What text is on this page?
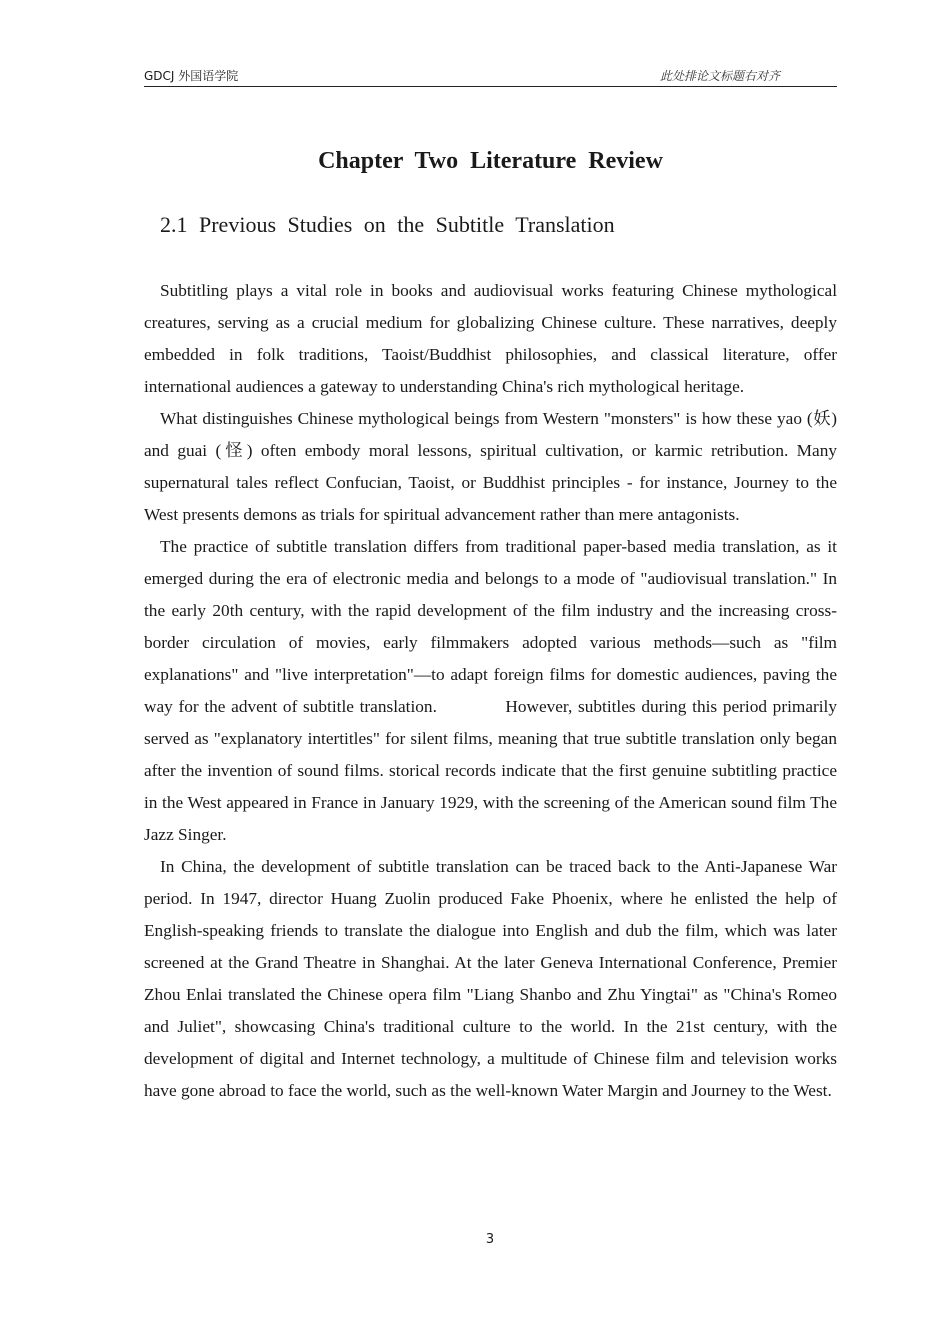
GDCJ 外国语学院	此处排论文标题右对齐
Chapter Two Literature Review
2.1 Previous Studies on the Subtitle Translation

Subtitling plays a vital role in books and audiovisual works featuring Chinese mythological creatures, serving as a crucial medium for globalizing Chinese culture. These narratives, deeply embedded in folk traditions, Taoist/Buddhist philosophies, and classical literature, offer international audiences a gateway to understanding China's rich mythological heritage.

What distinguishes Chinese mythological beings from Western "monsters" is how these yao (妖) and guai (怪) often embody moral lessons, spiritual cultivation, or karmic retribution. Many supernatural tales reflect Confucian, Taoist, or Buddhist principles - for instance, Journey to the West presents demons as trials for spiritual advancement rather than mere antagonists.

The practice of subtitle translation differs from traditional paper-based media translation, as it emerged during the era of electronic media and belongs to a mode of "audiovisual translation." In the early 20th century, with the rapid development of the film industry and the increasing cross-border circulation of movies, early filmmakers adopted various methods—such as "film explanations" and "live interpretation"—to adapt foreign films for domestic audiences, paving the way for the advent of subtitle translation.            However, subtitles during this period primarily served as "explanatory intertitles" for silent films, meaning that true subtitle translation only began after the invention of sound films. storical records indicate that the first genuine subtitling practice in the West appeared in France in January 1929, with the screening of the American sound film The Jazz Singer.

In China, the development of subtitle translation can be traced back to the Anti-Japanese War period. In 1947, director Huang Zuolin produced Fake Phoenix, where he enlisted the help of English-speaking friends to translate the dialogue into English and dub the film, which was later screened at the Grand Theatre in Shanghai. At the later Geneva International Conference, Premier Zhou Enlai translated the Chinese opera film "Liang Shanbo and Zhu Yingtai" as "China's Romeo and Juliet", showcasing China's traditional culture to the world. In the 21st century, with the development of digital and Internet technology, a multitude of Chinese film and television works have gone abroad to face the world, such as the well-known Water Margin and Journey to the West.

3
